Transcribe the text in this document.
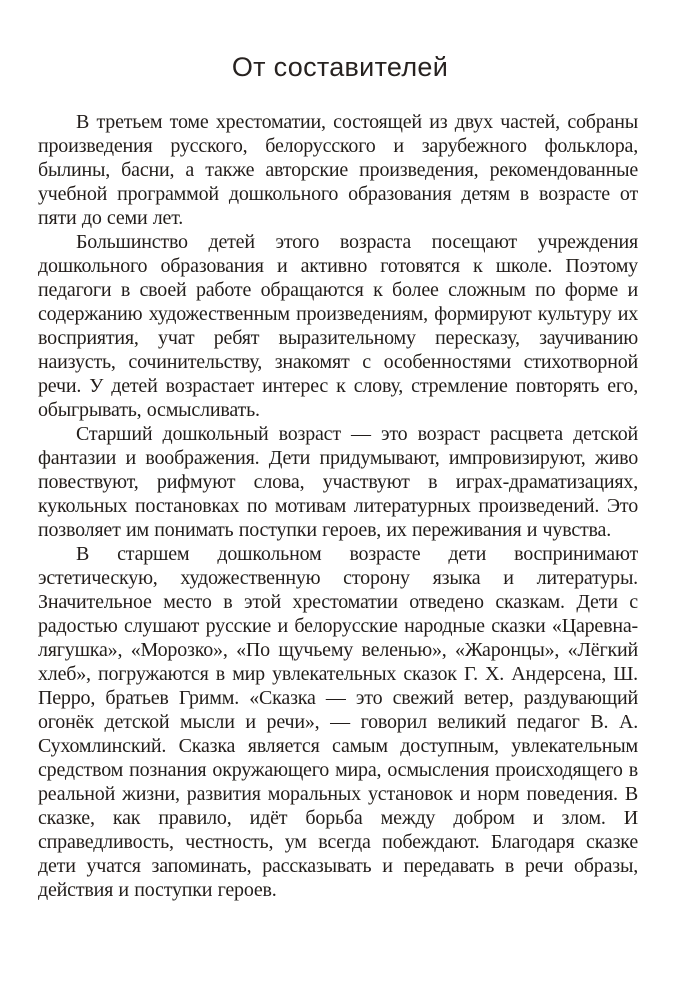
От составителей

В третьем томе хрестоматии, состоящей из двух частей, собраны произведения русского, белорусского и зарубежного фольклора, былины, басни, а также авторские произведения, рекомендованные учебной программой дошкольного образования детям в возрасте от пяти до семи лет.

Большинство детей этого возраста посещают учреждения дошкольного образования и активно готовятся к школе. Поэтому педагоги в своей работе обращаются к более сложным по форме и содержанию художественным произведениям, формируют культуру их восприятия, учат ребят выразительному пересказу, заучиванию наизусть, сочинительству, знакомят с особенностями стихотворной речи. У детей возрастает интерес к слову, стремление повторять его, обыгрывать, осмысливать.

Старший дошкольный возраст — это возраст расцвета детской фантазии и воображения. Дети придумывают, импровизируют, живо повествуют, рифмуют слова, участвуют в играх-драматизациях, кукольных постановках по мотивам литературных произведений. Это позволяет им понимать поступки героев, их переживания и чувства.

В старшем дошкольном возрасте дети воспринимают эстетическую, художественную сторону языка и литературы. Значительное место в этой хрестоматии отведено сказкам. Дети с радостью слушают русские и белорусские народные сказки «Царевна-лягушка», «Морозко», «По щучьему веленью», «Жаронцы», «Лёгкий хлеб», погружаются в мир увлекательных сказок Г. Х. Андерсена, Ш. Перро, братьев Гримм. «Сказка — это свежий ветер, раздувающий огонёк детской мысли и речи», — говорил великий педагог В. А. Сухомлинский. Сказка является самым доступным, увлекательным средством познания окружающего мира, осмысления происходящего в реальной жизни, развития моральных установок и норм поведения. В сказке, как правило, идёт борьба между добром и злом. И справедливость, честность, ум всегда побеждают. Благодаря сказке дети учатся запоминать, рассказывать и передавать в речи образы, действия и поступки героев.
